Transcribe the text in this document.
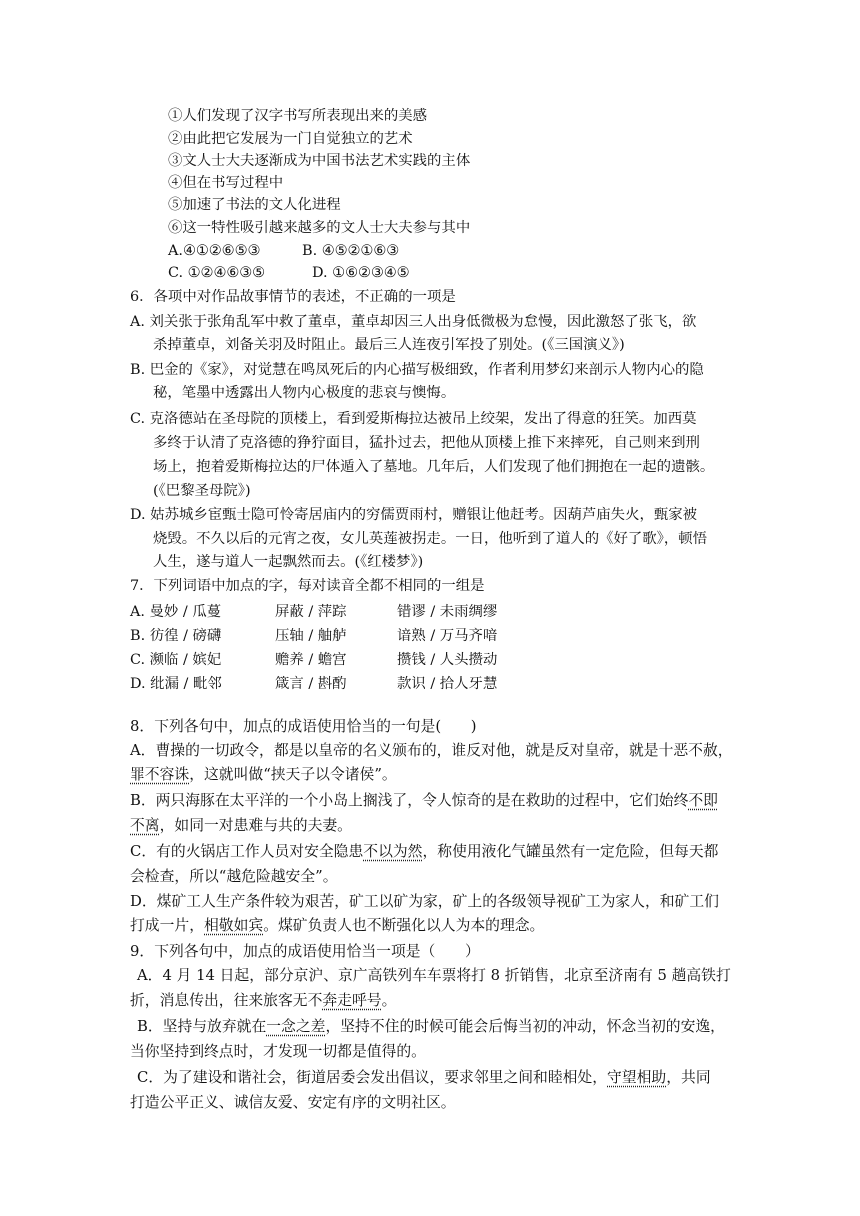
①人们发现了汉字书写所表现出来的美感
②由此把它发展为一门自觉独立的艺术
③文人士大夫逐渐成为中国书法艺术实践的主体
④但在书写过程中
⑤加速了书法的文人化进程
⑥这一特性吸引越来越多的文人士大夫参与其中
A.④①②⑥⑤③	B. ④⑤②①⑥③
C. ①②④⑥③⑤	D. ①⑥②③④⑤
6．各项中对作品故事情节的表述，不正确的一项是
A. 刘关张于张角乱军中救了董卓，董卓却因三人出身低微极为怠慢，因此激怒了张飞，欲
杀掉董卓，刘备关羽及时阻止。最后三人连夜引军投了别处。(《三国演义》)
B. 巴金的《家》，对觉慧在鸣凤死后的内心描写极细致，作者利用梦幻来剖示人物内心的隐
秘，笔墨中透露出人物内心极度的悲哀与懊悔。
C. 克洛德站在圣母院的顶楼上，看到爱斯梅拉达被吊上绞架，发出了得意的狂笑。加西莫
多终于认清了克洛德的狰狞面目，猛扑过去，把他从顶楼上推下来摔死，自己则来到刑
场上，抱着爱斯梅拉达的尸体遁入了墓地。几年后，人们发现了他们拥抱在一起的遗骸。
(《巴黎圣母院》)
D. 姑苏城乡宦甄士隐可怜寄居庙内的穷儒贾雨村，赠银让他赶考。因葫芦庙失火，甄家被
烧毁。不久以后的元宵之夜，女儿英莲被拐走。一日，他听到了道人的《好了歌》，顿悟
人生，遂与道人一起飘然而去。(《红楼梦》)
7．下列词语中加点的字，每对读音全都不相同的一组是
A. 曼妙 / 瓜蔓	屏蔽 / 萍踪	错谬 / 未雨绸缪
B. 彷徨 / 磅礴	压轴 / 舳舻	谙熟 / 万马齐喑
C. 濒临 / 嫔妃	赡养 / 蟾宫	攒钱 / 人头攒动
D. 纰漏 / 毗邻	箴言 / 斟酌	款识 / 拾人牙慧
8．下列各句中，加点的成语使用恰当的一句是(　　)
A．曹操的一切政令，都是以皇帝的名义颁布的，谁反对他，就是反对皇帝，就是十恶不赦，
罪不容诛，这就叫做“挟天子以令诸侯”。
B．两只海豚在太平洋的一个小岛上搁浅了，令人惊奇的是在救助的过程中，它们始终不即
不离，如同一对患难与共的夫妻。
C．有的火锅店工作人员对安全隐患不以为然，称使用液化气罐虽然有一定危险，但每天都
会检查，所以“越危险越安全”。
D．煤矿工人生产条件较为艰苦，矿工以矿为家，矿上的各级领导视矿工为家人，和矿工们
打成一片，相敬如宾。煤矿负责人也不断强化以人为本的理念。
9．下列各句中，加点的成语使用恰当一项是（　　）
A．4 月 14 日起，部分京沪、京广高铁列车车票将打 8 折销售，北京至济南有 5 趟高铁打
折，消息传出，往来旅客无不奔走呼号。
B．坚持与放弃就在一念之差，坚持不住的时候可能会后悔当初的冲动，怀念当初的安逸，
当你坚持到终点时，才发现一切都是值得的。
C．为了建设和谐社会，街道居委会发出倡议，要求邻里之间和睦相处，守望相助，共同
打造公平正义、诚信友爱、安定有序的文明社区。
